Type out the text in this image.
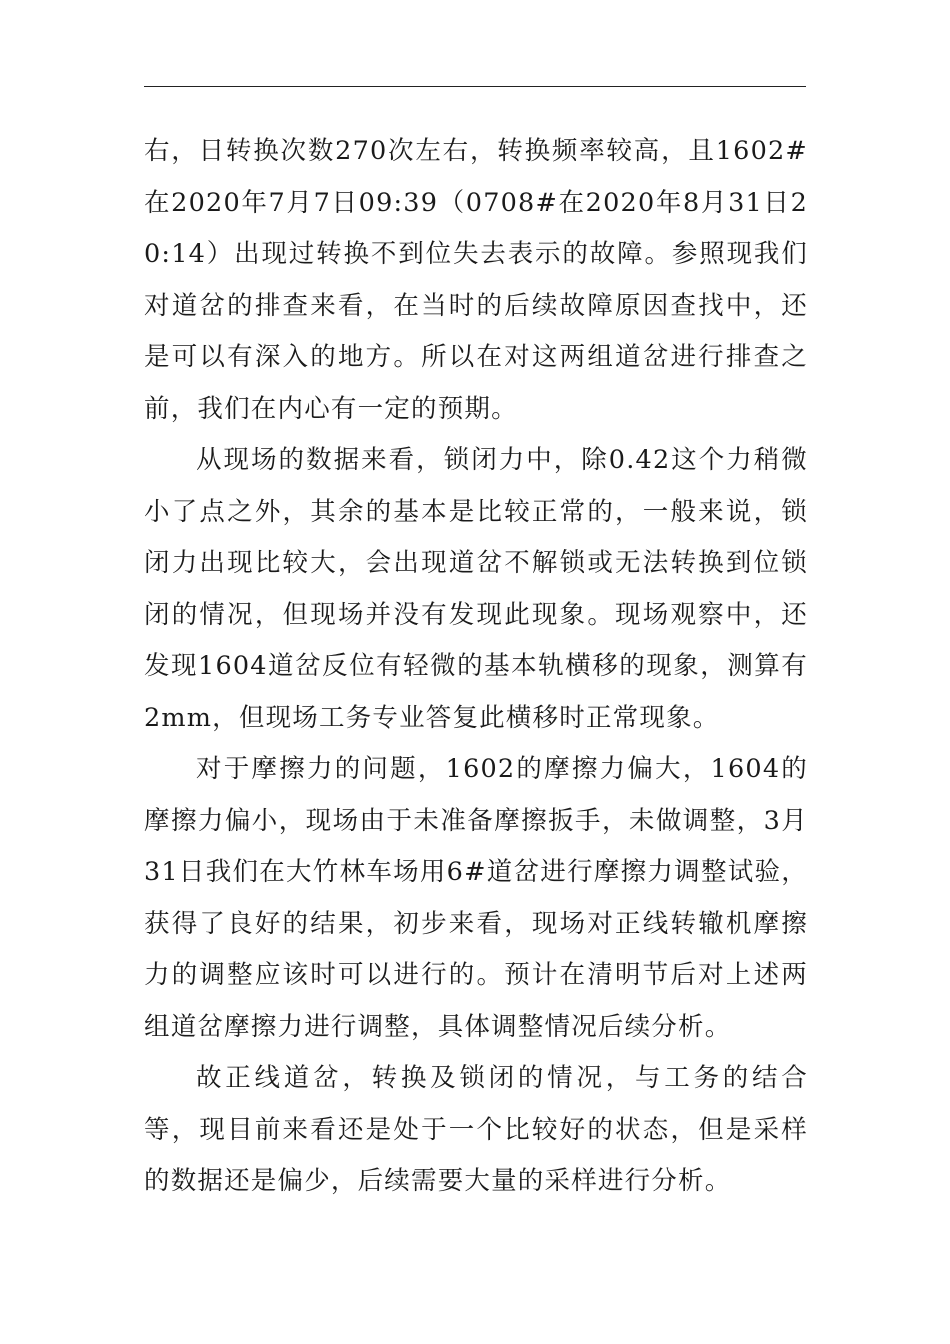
右，日转换次数270次左右，转换频率较高，且1602#在2020年7月7日09:39（0708#在2020年8月31日20:14）出现过转换不到位失去表示的故障。参照现我们对道岔的排查来看，在当时的后续故障原因查找中，还是可以有深入的地方。所以在对这两组道岔进行排查之前，我们在内心有一定的预期。

从现场的数据来看，锁闭力中，除0.42这个力稍微小了点之外，其余的基本是比较正常的，一般来说，锁闭力出现比较大，会出现道岔不解锁或无法转换到位锁闭的情况，但现场并没有发现此现象。现场观察中，还发现1604道岔反位有轻微的基本轨横移的现象，测算有2mm，但现场工务专业答复此横移时正常现象。

对于摩擦力的问题，1602的摩擦力偏大，1604的摩擦力偏小，现场由于未准备摩擦扳手，未做调整，3月31日我们在大竹林车场用6#道岔进行摩擦力调整试验，获得了良好的结果，初步来看，现场对正线转辙机摩擦力的调整应该时可以进行的。预计在清明节后对上述两组道岔摩擦力进行调整，具体调整情况后续分析。

故正线道岔，转换及锁闭的情况，与工务的结合等，现目前来看还是处于一个比较好的状态，但是采样的数据还是偏少，后续需要大量的采样进行分析。
